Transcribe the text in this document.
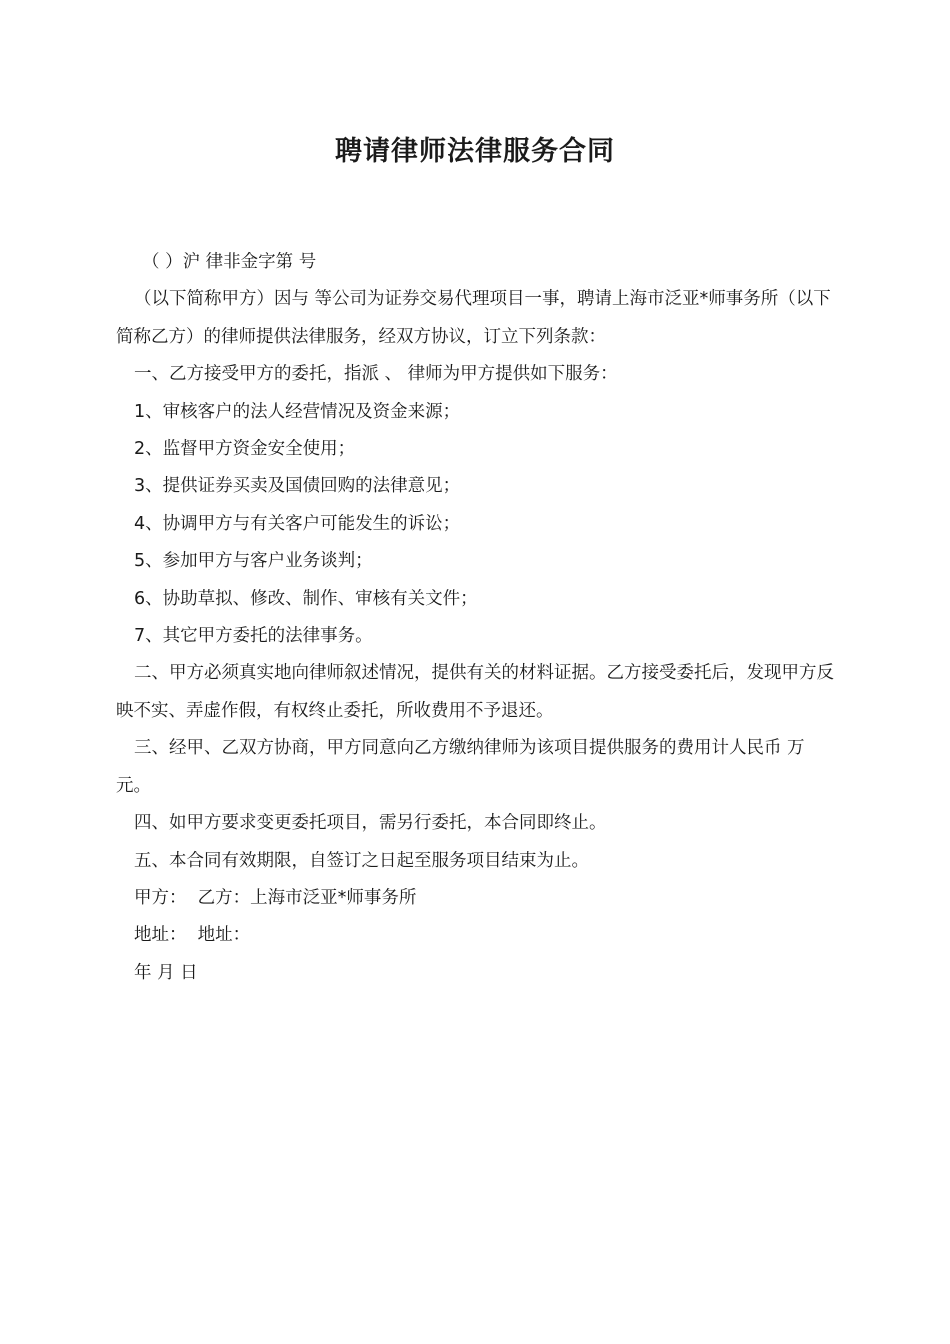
聘请律师法律服务合同

（ ）沪 律非金字第 号

（以下简称甲方）因与 等公司为证券交易代理项目一事，聘请上海市泛亚*师事务所（以下简称乙方）的律师提供法律服务，经双方协议，订立下列条款：

一、乙方接受甲方的委托，指派 、 律师为甲方提供如下服务：

1、审核客户的法人经营情况及资金来源；

2、监督甲方资金安全使用；

3、提供证券买卖及国债回购的法律意见；

4、协调甲方与有关客户可能发生的诉讼；

5、参加甲方与客户业务谈判；

6、协助草拟、修改、制作、审核有关文件；

7、其它甲方委托的法律事务。

二、甲方必须真实地向律师叙述情况，提供有关的材料证据。乙方接受委托后，发现甲方反映不实、弄虚作假，有权终止委托，所收费用不予退还。

三、经甲、乙双方协商，甲方同意向乙方缴纳律师为该项目提供服务的费用计人民币 万元。

四、如甲方要求变更委托项目，需另行委托，本合同即终止。

五、本合同有效期限，自签订之日起至服务项目结束为止。

甲方：  乙方：上海市泛亚*师事务所

地址：  地址：

年 月 日
